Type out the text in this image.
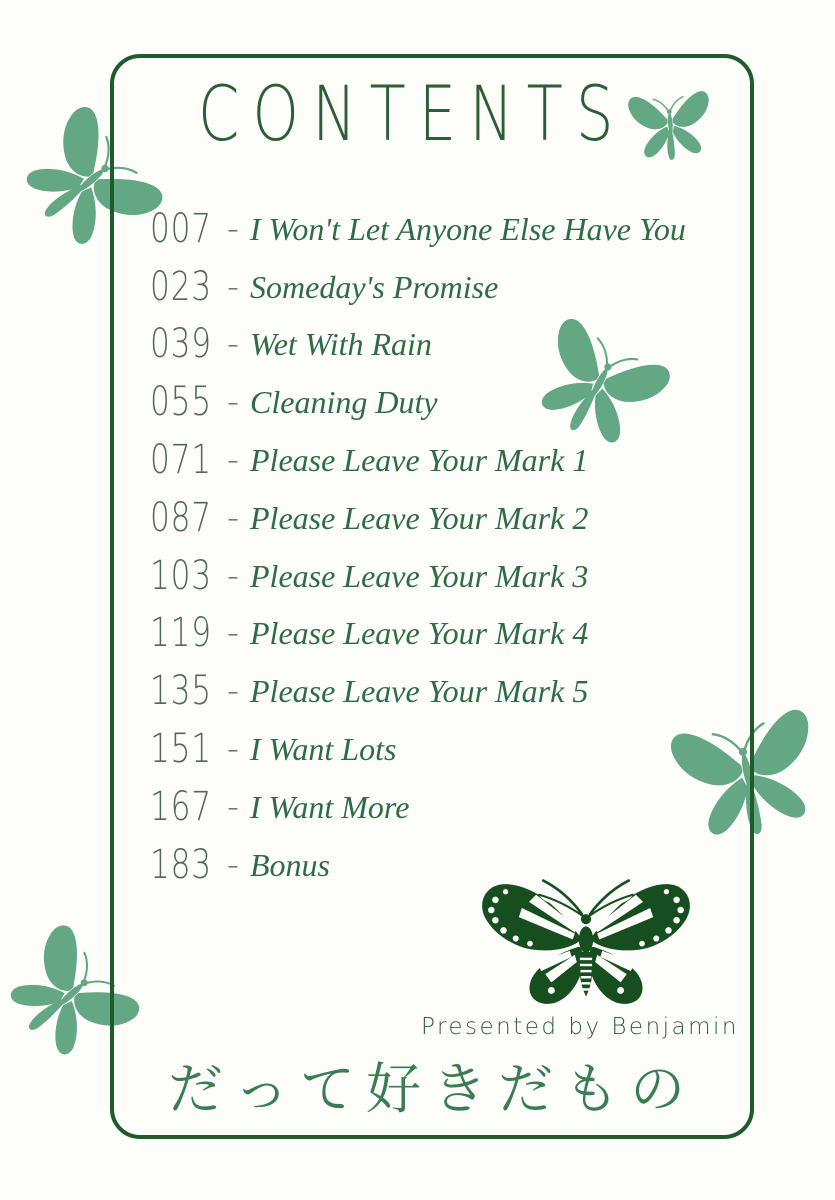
CONTENTS
007 - I Won't Let Anyone Else Have You
023 - Someday's Promise
039 - Wet With Rain
055 - Cleaning Duty
071 - Please Leave Your Mark 1
087 - Please Leave Your Mark 2
103 - Please Leave Your Mark 3
119 - Please Leave Your Mark 4
135 - Please Leave Your Mark 5
151 - I Want Lots
167 - I Want More
183 - Bonus
Presented by Benjamin
だって好きだもの
